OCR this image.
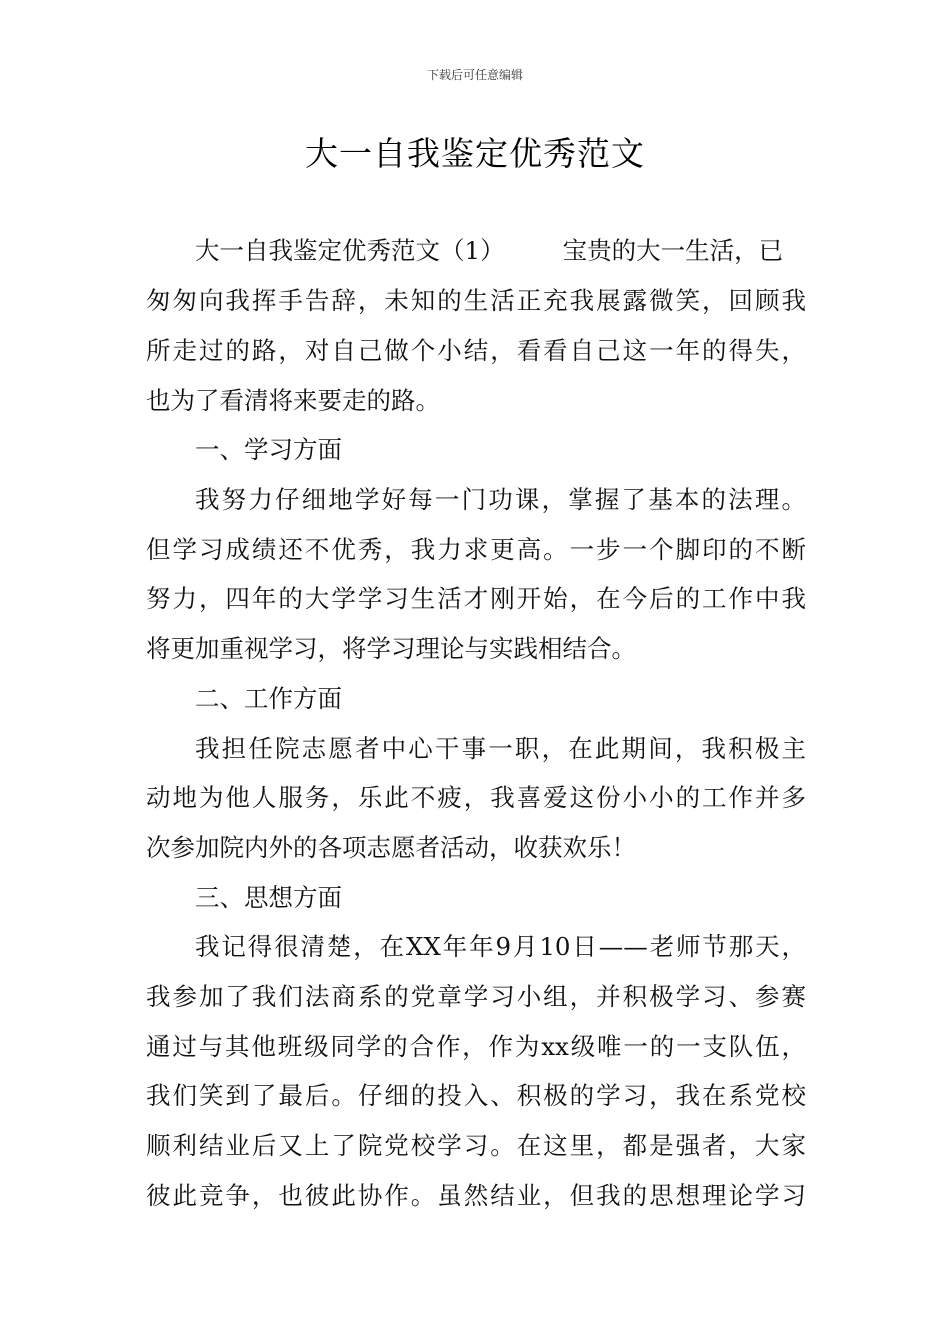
下载后可任意编辑
大一自我鉴定优秀范文
大一自我鉴定优秀范文（1） 宝贵的大一生活，已
匆匆向我挥手告辞，未知的生活正充我展露微笑，回顾我
所走过的路，对自己做个小结，看看自己这一年的得失，
也为了看清将来要走的路。
一、学习方面
我努力仔细地学好每一门功课，掌握了基本的法理。
但学习成绩还不优秀，我力求更高。一步一个脚印的不断
努力，四年的大学学习生活才刚开始，在今后的工作中我
将更加重视学习，将学习理论与实践相结合。
二、工作方面
我担任院志愿者中心干事一职，在此期间，我积极主
动地为他人服务，乐此不疲，我喜爱这份小小的工作并多
次参加院内外的各项志愿者活动，收获欢乐！
三、思想方面
我记得很清楚，在XX年年9月10日——老师节那天，
我参加了我们法商系的党章学习小组，并积极学习、参赛
通过与其他班级同学的合作，作为xx级唯一的一支队伍，
我们笑到了最后。仔细的投入、积极的学习，我在系党校
顺利结业后又上了院党校学习。在这里，都是强者，大家
彼此竞争，也彼此协作。虽然结业，但我的思想理论学习
